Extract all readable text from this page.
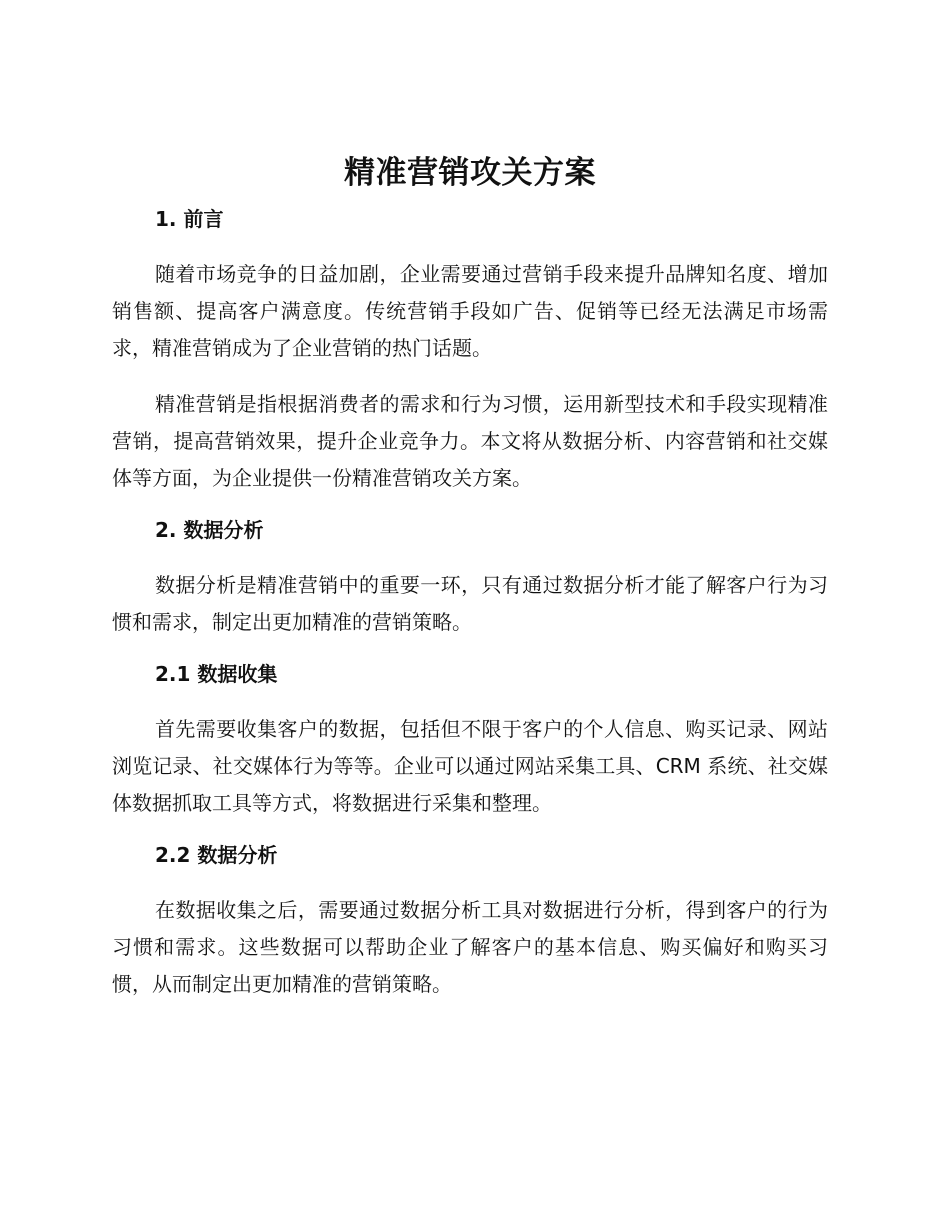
精准营销攻关方案
1. 前言

随着市场竞争的日益加剧，企业需要通过营销手段来提升品牌知名度、增加销售额、提高客户满意度。传统营销手段如广告、促销等已经无法满足市场需求，精准营销成为了企业营销的热门话题。

精准营销是指根据消费者的需求和行为习惯，运用新型技术和手段实现精准营销，提高营销效果，提升企业竞争力。本文将从数据分析、内容营销和社交媒体等方面，为企业提供一份精准营销攻关方案。

2. 数据分析

数据分析是精准营销中的重要一环，只有通过数据分析才能了解客户行为习惯和需求，制定出更加精准的营销策略。

2.1 数据收集

首先需要收集客户的数据，包括但不限于客户的个人信息、购买记录、网站浏览记录、社交媒体行为等等。企业可以通过网站采集工具、CRM 系统、社交媒体数据抓取工具等方式，将数据进行采集和整理。

2.2 数据分析

在数据收集之后，需要通过数据分析工具对数据进行分析，得到客户的行为习惯和需求。这些数据可以帮助企业了解客户的基本信息、购买偏好和购买习惯，从而制定出更加精准的营销策略。
